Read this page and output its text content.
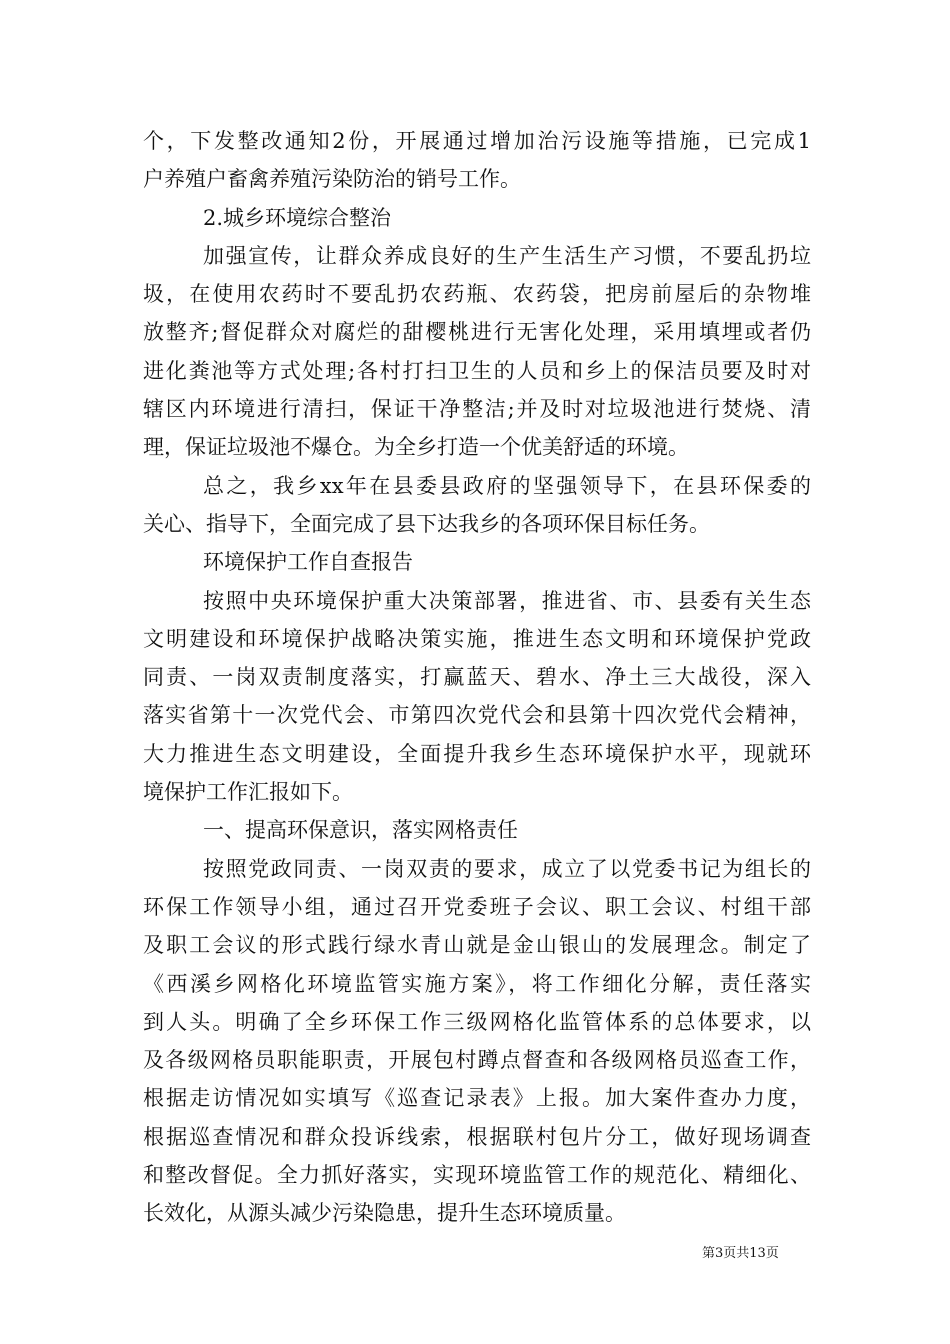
个，下发整改通知2份，开展通过增加治污设施等措施，已完成1
户养殖户畜禽养殖污染防治的销号工作。
2.城乡环境综合整治
加强宣传，让群众养成良好的生产生活生产习惯，不要乱扔垃
圾，在使用农药时不要乱扔农药瓶、农药袋，把房前屋后的杂物堆
放整齐;督促群众对腐烂的甜樱桃进行无害化处理，采用填埋或者仍
进化粪池等方式处理;各村打扫卫生的人员和乡上的保洁员要及时对
辖区内环境进行清扫，保证干净整洁;并及时对垃圾池进行焚烧、清
理，保证垃圾池不爆仓。为全乡打造一个优美舒适的环境。
总之，我乡xx年在县委县政府的坚强领导下，在县环保委的
关心、指导下，全面完成了县下达我乡的各项环保目标任务。
环境保护工作自查报告
按照中央环境保护重大决策部署，推进省、市、县委有关生态
文明建设和环境保护战略决策实施，推进生态文明和环境保护党政
同责、一岗双责制度落实，打赢蓝天、碧水、净土三大战役，深入
落实省第十一次党代会、市第四次党代会和县第十四次党代会精神，
大力推进生态文明建设，全面提升我乡生态环境保护水平，现就环
境保护工作汇报如下。
一、提高环保意识，落实网格责任
按照党政同责、一岗双责的要求，成立了以党委书记为组长的
环保工作领导小组，通过召开党委班子会议、职工会议、村组干部
及职工会议的形式践行绿水青山就是金山银山的发展理念。制定了
《西溪乡网格化环境监管实施方案》，将工作细化分解，责任落实
到人头。明确了全乡环保工作三级网格化监管体系的总体要求，以
及各级网格员职能职责，开展包村蹲点督查和各级网格员巡查工作，
根据走访情况如实填写《巡查记录表》上报。加大案件查办力度，
根据巡查情况和群众投诉线索，根据联村包片分工，做好现场调查
和整改督促。全力抓好落实，实现环境监管工作的规范化、精细化、
长效化，从源头减少污染隐患，提升生态环境质量。
第3页共13页
